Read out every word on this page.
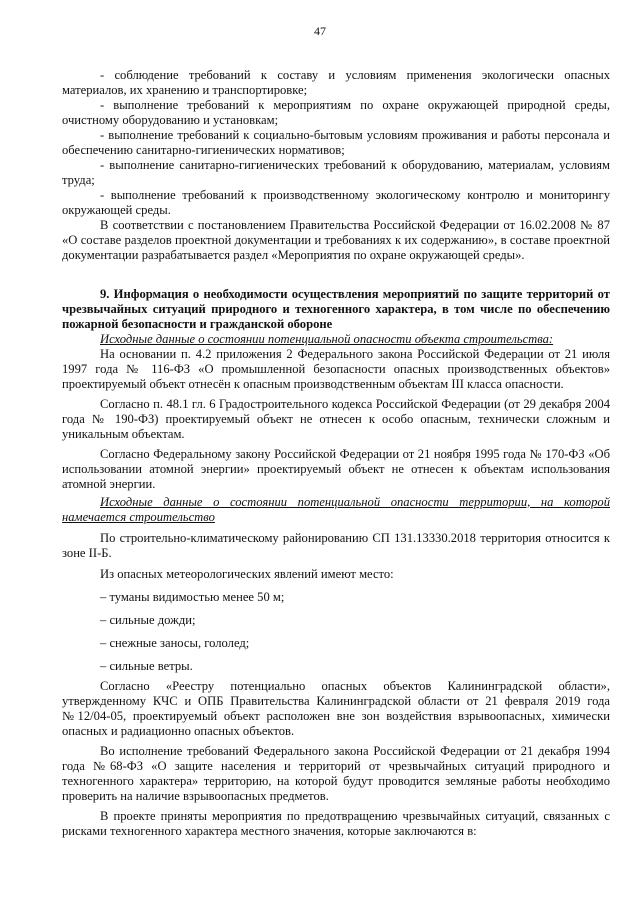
47

- соблюдение требований к составу и условиям применения экологически опасных материалов, их хранению и транспортировке;

- выполнение требований к мероприятиям по охране окружающей природной среды, очистному оборудованию и установкам;

- выполнение требований к социально-бытовым условиям проживания и работы персонала и обеспечению санитарно-гигиенических нормативов;

- выполнение санитарно-гигиенических требований к оборудованию, материалам, условиям труда;

- выполнение требований к производственному экологическому контролю и мониторингу окружающей среды.

В соответствии с постановлением Правительства Российской Федерации от 16.02.2008 № 87 «О составе разделов проектной документации и требованиях к их содержанию», в составе проектной документации разрабатывается раздел «Мероприятия по охране окружающей среды».

9. Информация о необходимости осуществления мероприятий по защите территорий от чрезвычайных ситуаций природного и техногенного характера, в том числе по обеспечению пожарной безопасности и гражданской обороне

Исходные данные о состоянии потенциальной опасности объекта строительства:

На основании п. 4.2 приложения 2 Федерального закона Российской Федерации от 21 июля 1997 года № 116-ФЗ «О промышленной безопасности опасных производственных объектов» проектируемый объект отнесён к опасным производственным объектам III класса опасности.

Согласно п. 48.1 гл. 6 Градостроительного кодекса Российской Федерации (от 29 декабря 2004 года № 190-ФЗ) проектируемый объект не отнесен к особо опасным, технически сложным и уникальным объектам.

Согласно Федеральному закону Российской Федерации от 21 ноября 1995 года № 170-ФЗ «Об использовании атомной энергии» проектируемый объект не отнесен к объектам использования атомной энергии.

Исходные данные о состоянии потенциальной опасности территории, на которой намечается строительство

По строительно-климатическому районированию СП 131.13330.2018 территория относится к зоне II-Б.

Из опасных метеорологических явлений имеют место:

– туманы видимостью менее 50 м;
– сильные дожди;
– снежные заносы, гололед;
– сильные ветры.

Согласно «Реестру потенциально опасных объектов Калининградской области», утвержденному КЧС и ОПБ Правительства Калининградской области от 21 февраля 2019 года №12/04-05, проектируемый объект расположен вне зон воздействия взрывоопасных, химически опасных и радиационно опасных объектов.

Во исполнение требований Федерального закона Российской Федерации от 21 декабря 1994 года №68-ФЗ «О защите населения и территорий от чрезвычайных ситуаций природного и техногенного характера» территорию, на которой будут проводится земляные работы необходимо проверить на наличие взрывоопасных предметов.

В проекте приняты мероприятия по предотвращению чрезвычайных ситуаций, связанных с рисками техногенного характера местного значения, которые заключаются в:
